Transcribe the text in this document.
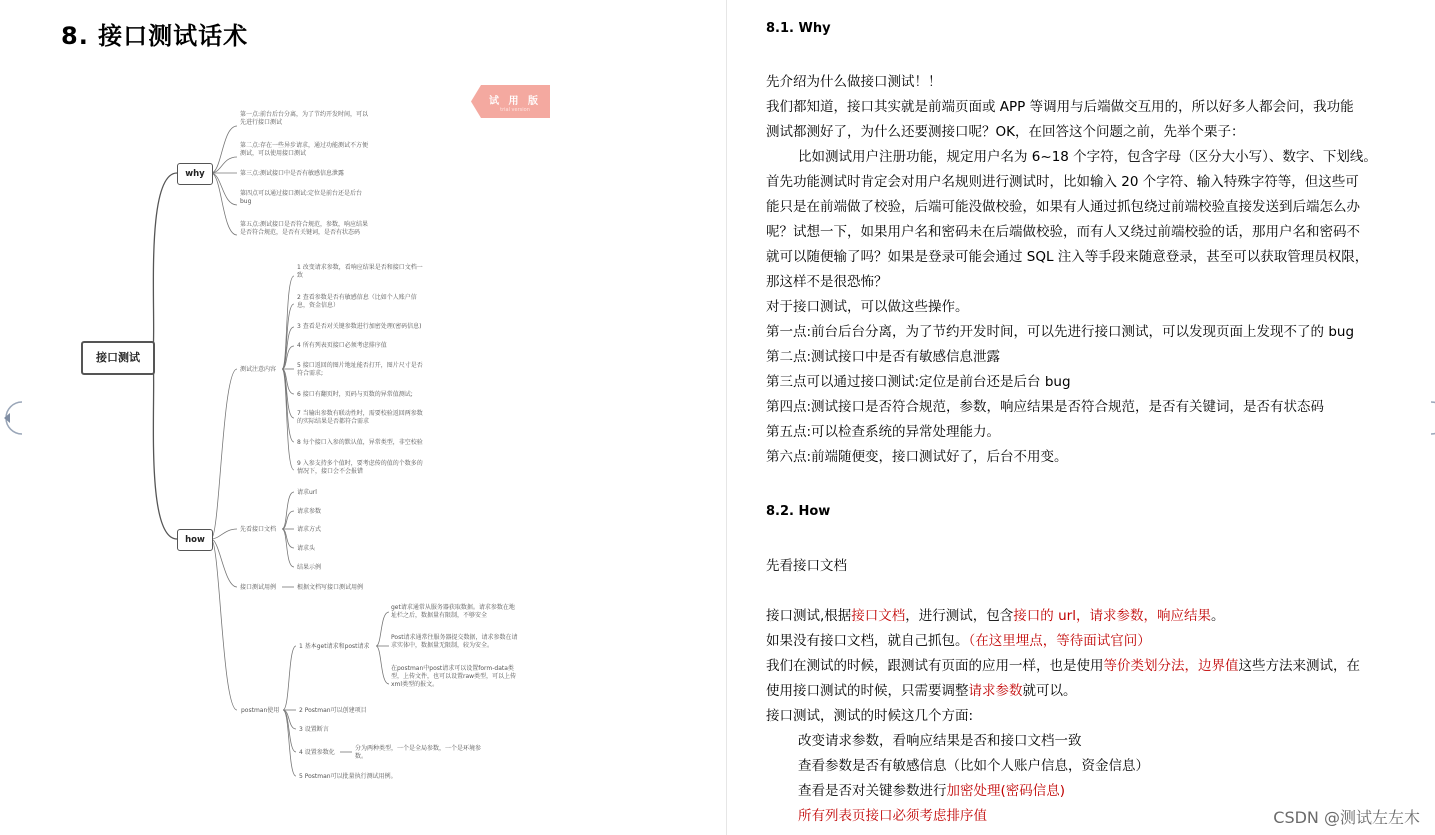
8. 接口测试话术
试 用 版
trial version
接口测试
why
how
第一点:前台后台分离，为了节约开发时间，可以
先进行接口测试
第二点:存在一些异步请求，通过功能测试不方便
测试，可以使用接口测试
第三点:测试接口中是否有敏感信息泄露
第四点可以通过接口测试:定位是前台还是后台
bug
第五点:测试接口是否符合规范，参数，响应结果
是否符合规范，是否有关键词，是否有状态码
测试注意内容
1 改变请求参数，看响应结果是否和接口文档一
致
2 查看参数是否有敏感信息（比如个人账户信
息，资金信息）
3 查看是否对关键参数进行加密处理(密码信息)
4 所有列表页接口必须考虑排序值
5 接口返回的图片地址能否打开，图片尺寸是否
符合需求;
6 接口有翻页时，页码与页数的异常值测试;
7 当输出参数有联动性时，需要校验返回两参数
的实际结果是否都符合需求
8 每个接口入参的默认值，异常类型，非空校验
9 入参支持多个值时，要考虑传的值的个数多的
情况下，接口会不会报错
先看接口文档
请求url
请求参数
请求方式
请求头
结果示例
接口测试用例	根据文档写接口测试用例
postman使用
1 基本get请求和post请求
get请求通常从服务器获取数据。请求参数在地
址栏之后，数据量有限制，不够安全
Post请求通常往服务器提交数据，请求参数在请
求实体中，数据量无限制，较为安全。
在postman中post请求可以设置form-data类
型，上传文件，也可以设置raw类型，可以上传
xml类型的报文。
2 Postman可以创建项目
3 设置断言
4 设置参数化
分为两种类型，一个是全局参数，一个是环境参
数。
5 Postman可以批量执行测试用例。
8.1. Why
先介绍为什么做接口测试！！
我们都知道，接口其实就是前端页面或 APP 等调用与后端做交互用的，所以好多人都会问，我功能
测试都测好了，为什么还要测接口呢？OK，在回答这个问题之前，先举个栗子：
比如测试用户注册功能，规定用户名为 6~18 个字符，包含字母（区分大小写）、数字、下划线。
首先功能测试时肯定会对用户名规则进行测试时，比如输入 20 个字符、输入特殊字符等，但这些可
能只是在前端做了校验，后端可能没做校验，如果有人通过抓包绕过前端校验直接发送到后端怎么办
呢？试想一下，如果用户名和密码未在后端做校验，而有人又绕过前端校验的话，那用户名和密码不
就可以随便输了吗？如果是登录可能会通过 SQL 注入等手段来随意登录，甚至可以获取管理员权限，
那这样不是很恐怖？
对于接口测试，可以做这些操作。
第一点:前台后台分离，为了节约开发时间，可以先进行接口测试，可以发现页面上发现不了的 bug
第二点:测试接口中是否有敏感信息泄露
第三点可以通过接口测试:定位是前台还是后台 bug
第四点:测试接口是否符合规范，参数，响应结果是否符合规范，是否有关键词，是否有状态码
第五点:可以检查系统的异常处理能力。
第六点:前端随便变，接口测试好了，后台不用变。
8.2. How
先看接口文档
接口测试,根据接口文档，进行测试，包含接口的 url，请求参数，响应结果。
如果没有接口文档，就自己抓包。（在这里埋点，等待面试官问）
我们在测试的时候，跟测试有页面的应用一样，也是使用等价类划分法，边界值这些方法来测试，在
使用接口测试的时候，只需要调整请求参数就可以。
接口测试，测试的时候这几个方面:
改变请求参数，看响应结果是否和接口文档一致
查看参数是否有敏感信息（比如个人账户信息，资金信息）
查看是否对关键参数进行加密处理(密码信息)
所有列表页接口必须考虑排序值	CSDN @测试左左木
